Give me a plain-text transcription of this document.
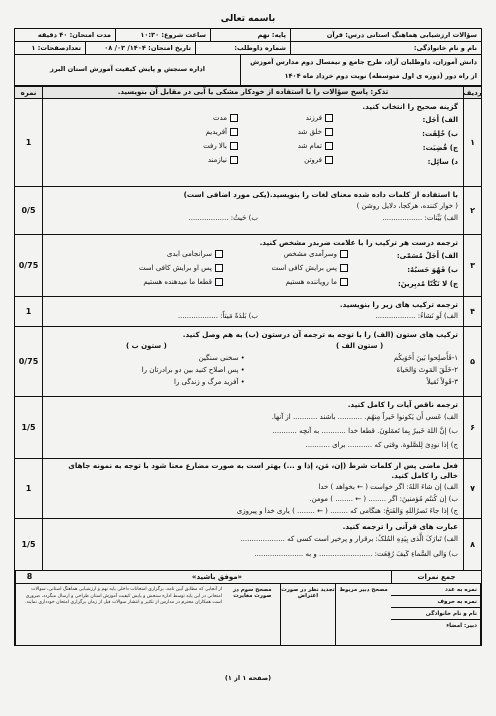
باسمه تعالی
سؤالات ارزشیابی هماهنگ استانی درس: قرآن
پایه: نهم
ساعت شروع: ۱۰:۳۰
مدت امتحان: ۴۰ دقیقه
نام و نام خانوادگی:
شماره داوطلب:
تاریخ امتحان: ۱۴۰۴/ ۰۳/ ۰۸
تعدادصفحات: ۱
دانش آموزان، داوطلبان آزاد، طرح جامع و نیمسال دوم مدارس آموزش از راه دور (دوره ی اول متوسطه) نوبت دوم خرداد ماه ۱۴۰۴
اداره سنجش و پایش کیفیت آموزش استان البرز
ردیف
تذکر: پاسخ سؤالات را با استفاده از خودکار مشکی یا آبی در مقابل آن بنویسید.
نمره
۱
گزینه صحیح را انتخاب کنید.
الف) أَجَل:
فرزند
مدت
ب) خُلِقَت:
خلق شد
آفریدیم
ج) قُضِیَت:
تمام شد
بالا رفت
د) سائِل:
فروتن
نیازمند
1
۲
با استفاده از کلمات داده شده معنای لغات را بنویسید.(یکی مورد اضافی است)
( خوار کننده، هرکجا، دلایل روشن )
الف) بَیِّنات: ..................ب) حَیثُ: ..................
0/5
۳
ترجمه درست هر ترکیب را با علامت ضربدر مشخص کنید.
الف) أَجَلٌ مُسَمّی:
وسرآمدی مشخص
سرانجامی ابدی
ب) فَهُوَ حَسبُهُ:
پس برایش کافی است
پس او برایش کافی است
ج) لا تَکُنّا مُدبِرینَ:
ما رویاننده هستیم
قطعا ما میدهنده هستیم
0/75
۴
ترجمه ترکیب های زیر را بنویسید.
الف) لَو نَشاءُ: ..................ب) بَلدَةً مَیتاً: ..................
1
۵
ترکیب های ستون (الف) را با توجه به ترجمه آن درستون (ب) به هم وصل کنید.
( ستون الف )
۱-فَأَصلِحوا بَینَ أَخَوَیکُم
۲-خَلَقَ المَوتَ وَالحَیاةَ
۳-قَولاً ثَقیلاً
( ستون ب )
• سخنی سنگین
• پس اصلاح کنید بین دو برادرتان را
• آفرید مرگ و زندگی را
0/75
۶
ترجمه ناقص آیات را کامل کنید.
الف) عَسی أَن یَکونوا خَیراً مِنهُم. ........... باشند ........... از آنها.
ب) إنَّ اللهَ خَبیرٌ بِما تَعمَلونَ. قطعا خدا ........... به آنچه ...........
ج) إذا نودِیَ لِلصَّلوة. وقتی که ........... برای ...........
1/5
۷
فعل ماضی پس از کلمات شرط (إن، مَن، إذا و ...) بهتر است به صورت مضارع معنا شود با توجه به نمونه جاهای خالی را کامل کنید.
الف) إن شاءَ اللهُ: اگر خواست ( ← بخواهد ) خدا
ب) إن کُنتُم مُؤمنینَ: اگر ........ ( ← ........ ) مومن.
ج) إذا جاءَ نَصرُاللهِ وَالفَتحُ: هنگامی که ........ ( ← ........ ) یاری خدا و پیروزی
1
۸
عبارت های قرآنی را ترجمه کنید.
الف) تَبارَکَ الَّذی بِیَدِهِ المُلکُ: برقرار و پرخیر است کسی که ....................
ب) وَالی السَّماءِ کَیفَ رُفِعَت: ........................ و به ......................
1/5
جمع نمرات
«موفق باشید»
8
نمره به عدد
نمره به حروف
نام و نام خانوادگی
دبیر: امضاء
مصحح دبیر مربوط
تجدید نظر در صورت اعتراض
مصحح سوم در صورت مغایرت
از آنجایی که مطابق آیین نامه، برگزاری امتحانات داخلی پایه نهم و ارزشیابی هماهنگ استانی، سوالات امتحانی در این پایه توسط اداره سنجش و پایش کیفیت آموزش استان طراحی و ارسال میگردد، ضروری است همکاران محترم در مدارس از تکثیر و انتشار سوالات قبل از زمان برگزاری امتحان خودداری نمایند.
(صفحه ۱ از ۱)
